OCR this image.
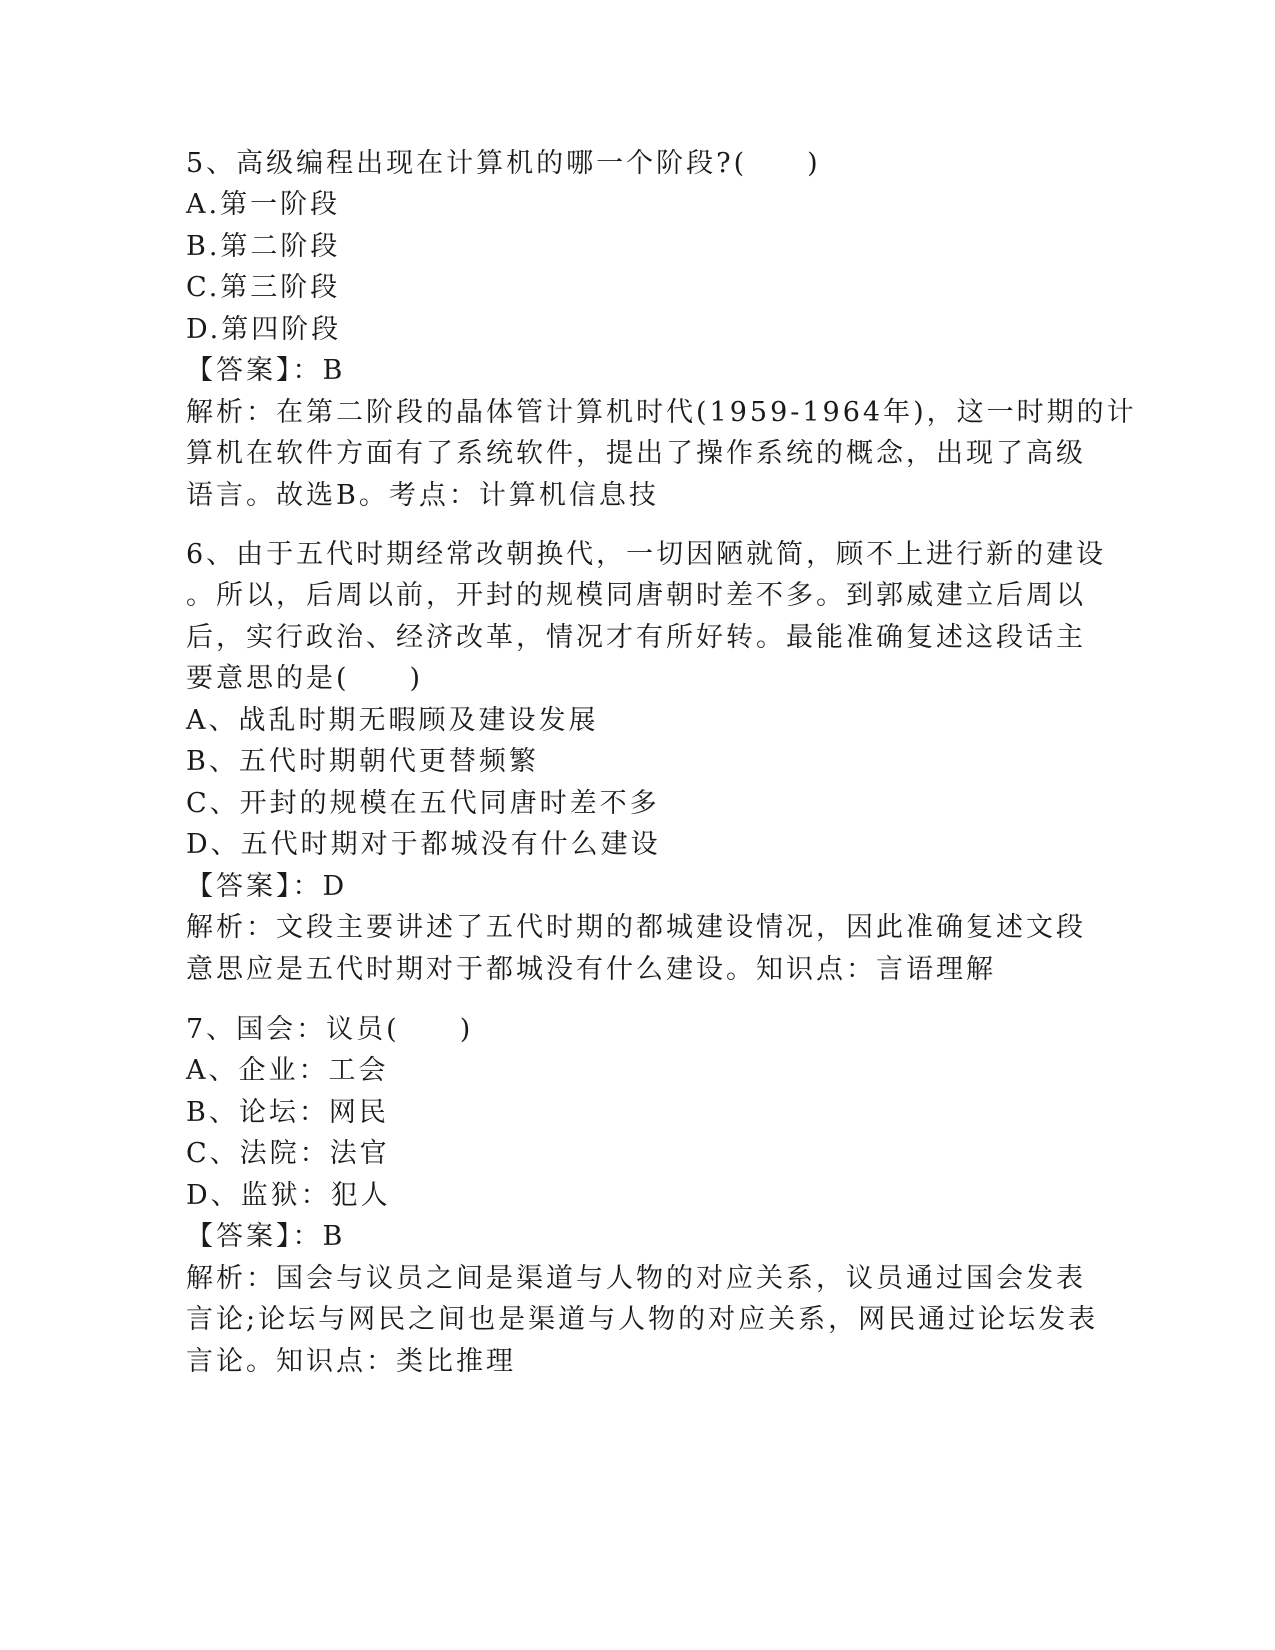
5、高级编程出现在计算机的哪一个阶段?(　　)
A.第一阶段
B.第二阶段
C.第三阶段
D.第四阶段
【答案】：B
解析：在第二阶段的晶体管计算机时代(1959-1964年)，这一时期的计
算机在软件方面有了系统软件，提出了操作系统的概念，出现了高级
语言。故选B。考点：计算机信息技
6、由于五代时期经常改朝换代，一切因陋就简，顾不上进行新的建设
。所以，后周以前，开封的规模同唐朝时差不多。到郭威建立后周以
后，实行政治、经济改革，情况才有所好转。最能准确复述这段话主
要意思的是(　　)
A、战乱时期无暇顾及建设发展
B、五代时期朝代更替频繁
C、开封的规模在五代同唐时差不多
D、五代时期对于都城没有什么建设
【答案】：D
解析：文段主要讲述了五代时期的都城建设情况，因此准确复述文段
意思应是五代时期对于都城没有什么建设。知识点：言语理解
7、国会：议员(　　)
A、企业：工会
B、论坛：网民
C、法院：法官
D、监狱：犯人
【答案】：B
解析：国会与议员之间是渠道与人物的对应关系，议员通过国会发表
言论;论坛与网民之间也是渠道与人物的对应关系，网民通过论坛发表
言论。知识点：类比推理
